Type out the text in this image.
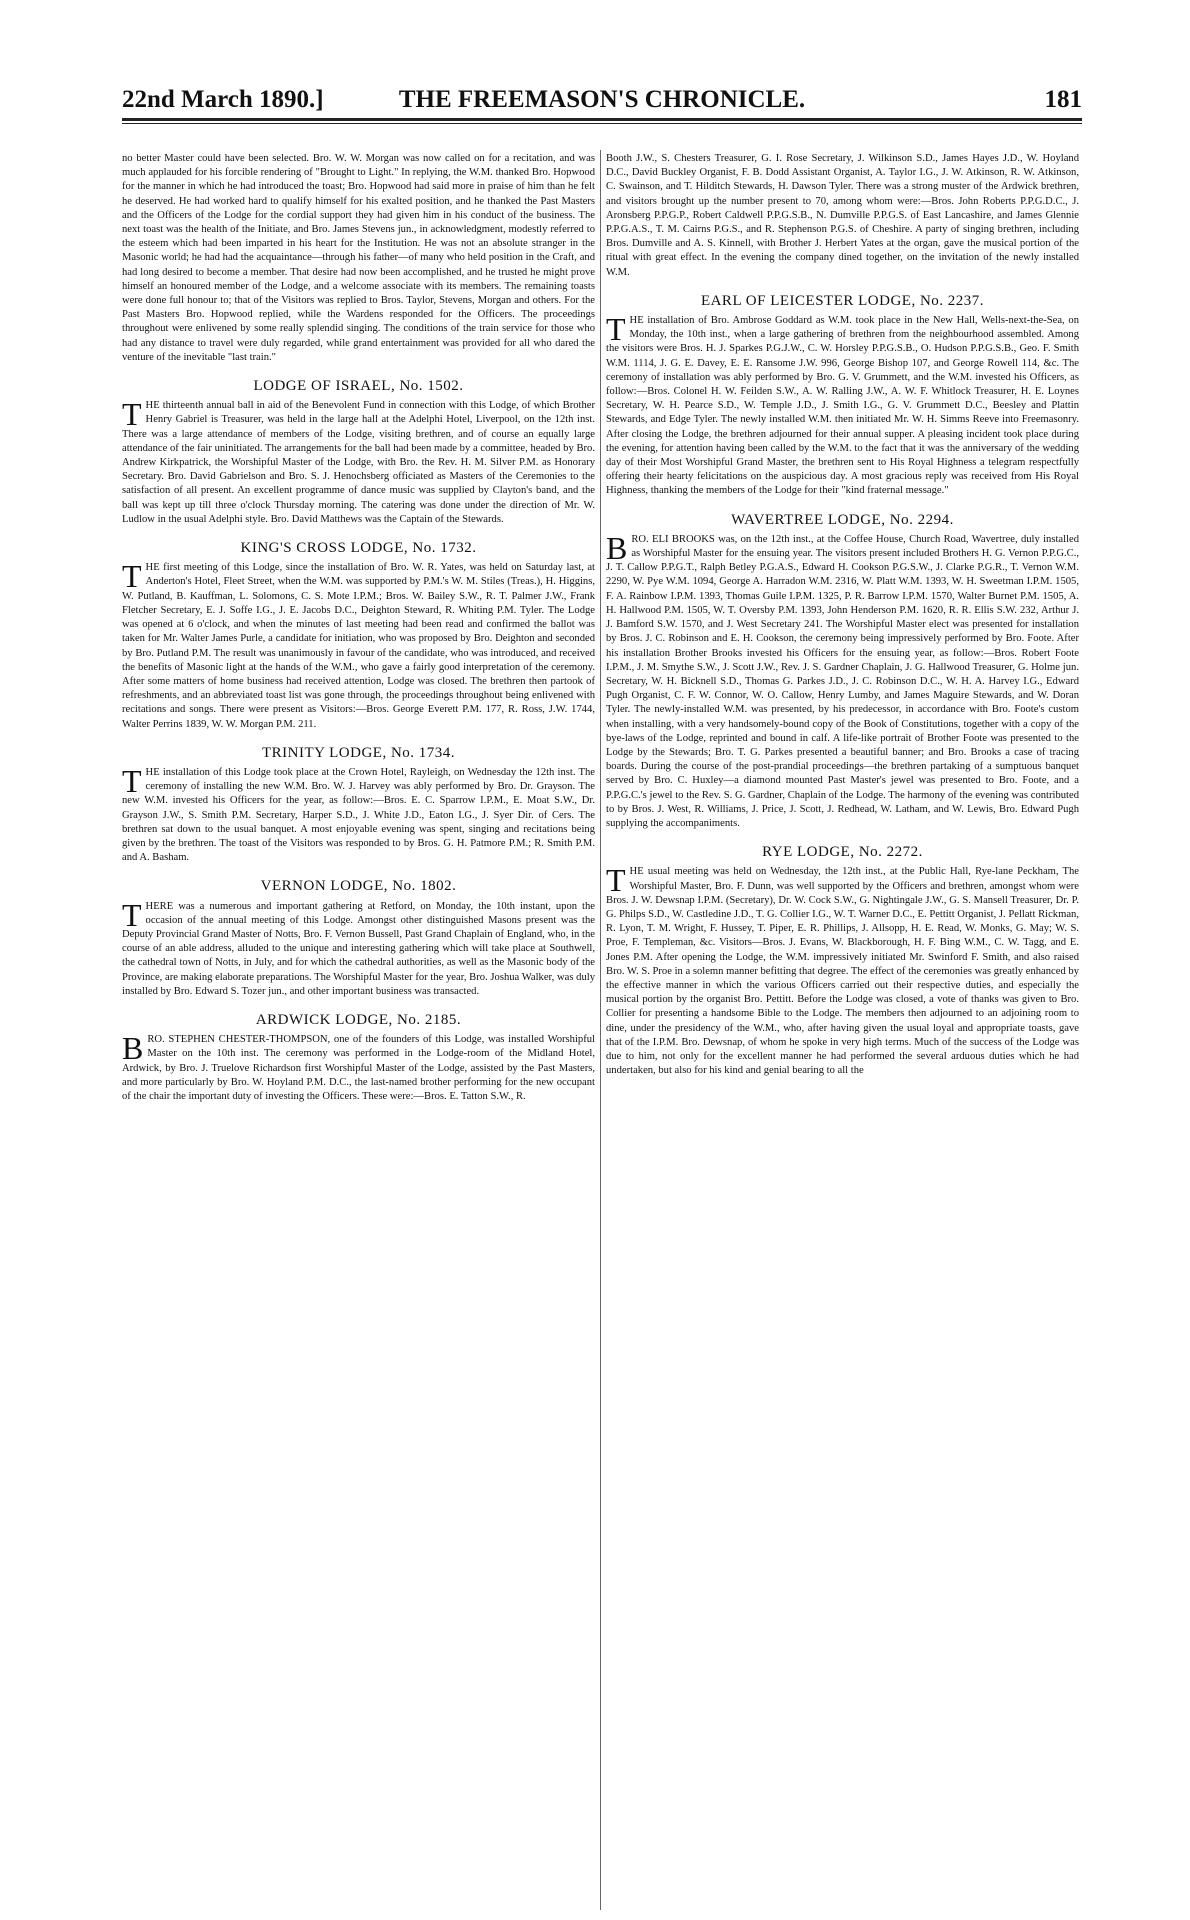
22nd March 1890.]	THE FREEMASON'S CHRONICLE.	181

no better Master could have been selected. Bro. W. W. Morgan was now called on for a recitation, and was much applauded for his forcible rendering of "Brought to Light." In replying, the W.M. thanked Bro. Hopwood for the manner in which he had introduced the toast; Bro. Hopwood had said more in praise of him than he felt he deserved. He had worked hard to qualify himself for his exalted position, and he thanked the Past Masters and the Officers of the Lodge for the cordial support they had given him in his conduct of the business. The next toast was the health of the Initiate, and Bro. James Stevens jun., in acknowledgment, modestly referred to the esteem which had been imparted in his heart for the Institution. He was not an absolute stranger in the Masonic world; he had had the acquaintance—through his father—of many who held position in the Craft, and had long desired to become a member. That desire had now been accomplished, and he trusted he might prove himself an honoured member of the Lodge, and a welcome associate with its members. The remaining toasts were done full honour to; that of the Visitors was replied to Bros. Taylor, Stevens, Morgan and others. For the Past Masters Bro. Hopwood replied, while the Wardens responded for the Officers. The proceedings throughout were enlivened by some really splendid singing. The conditions of the train service for those who had any distance to travel were duly regarded, while grand entertainment was provided for all who dared the venture of the inevitable "last train."

LODGE OF ISRAEL, No. 1502.

THE thirteenth annual ball in aid of the Benevolent Fund in connection with this Lodge, of which Brother Henry Gabriel is Treasurer, was held in the large hall at the Adelphi Hotel, Liverpool, on the 12th inst. There was a large attendance of members of the Lodge, visiting brethren, and of course an equally large attendance of the fair uninitiated. The arrangements for the ball had been made by a committee, headed by Bro. Andrew Kirkpatrick, the Worshipful Master of the Lodge, with Bro. the Rev. H. M. Silver P.M. as Honorary Secretary. Bro. David Gabrielson and Bro. S. J. Henochsberg officiated as Masters of the Ceremonies to the satisfaction of all present. An excellent programme of dance music was supplied by Clayton's band, and the ball was kept up till three o'clock Thursday morning. The catering was done under the direction of Mr. W. Ludlow in the usual Adelphi style. Bro. David Matthews was the Captain of the Stewards.

KING'S CROSS LODGE, No. 1732.

THE first meeting of this Lodge, since the installation of Bro. W. R. Yates, was held on Saturday last, at Anderton's Hotel, Fleet Street, when the W.M. was supported by P.M.'s W. M. Stiles (Treas.), H. Higgins, W. Putland, B. Kauffman, L. Solomons, C. S. Mote I.P.M.; Bros. W. Bailey S.W., R. T. Palmer J.W., Frank Fletcher Secretary, E. J. Soffe I.G., J. E. Jacobs D.C., Deighton Steward, R. Whiting P.M. Tyler. The Lodge was opened at 6 o'clock, and when the minutes of last meeting had been read and confirmed the ballot was taken for Mr. Walter James Purle, a candidate for initiation, who was proposed by Bro. Deighton and seconded by Bro. Putland P.M. The result was unanimously in favour of the candidate, who was introduced, and received the benefits of Masonic light at the hands of the W.M., who gave a fairly good interpretation of the ceremony. After some matters of home business had received attention, Lodge was closed. The brethren then partook of refreshments, and an abbreviated toast list was gone through, the proceedings throughout being enlivened with recitations and songs. There were present as Visitors:—Bros. George Everett P.M. 177, R. Ross, J.W. 1744, Walter Perrins 1839, W. W. Morgan P.M. 211.

TRINITY LODGE, No. 1734.

THE installation of this Lodge took place at the Crown Hotel, Rayleigh, on Wednesday the 12th inst. The ceremony of installing the new W.M. Bro. W. J. Harvey was ably performed by Bro. Dr. Grayson. The new W.M. invested his Officers for the year, as follow:—Bros. E. C. Sparrow I.P.M., E. Moat S.W., Dr. Grayson J.W., S. Smith P.M. Secretary, Harper S.D., J. White J.D., Eaton I.G., J. Syer Dir. of Cers. The brethren sat down to the usual banquet. A most enjoyable evening was spent, singing and recitations being given by the brethren. The toast of the Visitors was responded to by Bros. G. H. Patmore P.M.; R. Smith P.M. and A. Basham.

VERNON LODGE, No. 1802.

THERE was a numerous and important gathering at Retford, on Monday, the 10th instant, upon the occasion of the annual meeting of this Lodge. Amongst other distinguished Masons present was the Deputy Provincial Grand Master of Notts, Bro. F. Vernon Bussell, Past Grand Chaplain of England, who, in the course of an able address, alluded to the unique and interesting gathering which will take place at Southwell, the cathedral town of Notts, in July, and for which the cathedral authorities, as well as the Masonic body of the Province, are making elaborate preparations. The Worshipful Master for the year, Bro. Joshua Walker, was duly installed by Bro. Edward S. Tozer jun., and other important business was transacted.

ARDWICK LODGE, No. 2185.

BRO. STEPHEN CHESTER-THOMPSON, one of the founders of this Lodge, was installed Worshipful Master on the 10th inst. The ceremony was performed in the Lodge-room of the Midland Hotel, Ardwick, by Bro. J. Truelove Richardson first Worshipful Master of the Lodge, assisted by the Past Masters, and more particularly by Bro. W. Hoyland P.M. D.C., the last-named brother performing for the new occupant of the chair the important duty of investing the Officers. These were:—Bros. E. Tatton S.W., R.

Booth J.W., S. Chesters Treasurer, G. I. Rose Secretary, J. Wilkinson S.D., James Hayes J.D., W. Hoyland D.C., David Buckley Organist, F. B. Dodd Assistant Organist, A. Taylor I.G., J. W. Atkinson, R. W. Atkinson, C. Swainson, and T. Hilditch Stewards, H. Dawson Tyler. There was a strong muster of the Ardwick brethren, and visitors brought up the number present to 70, among whom were:—Bros. John Roberts P.P.G.D.C., J. Aronsberg P.P.G.P., Robert Caldwell P.P.G.S.B., N. Dumville P.P.G.S. of East Lancashire, and James Glennie P.P.G.A.S., T. M. Cairns P.G.S., and R. Stephenson P.G.S. of Cheshire. A party of singing brethren, including Bros. Dumville and A. S. Kinnell, with Brother J. Herbert Yates at the organ, gave the musical portion of the ritual with great effect. In the evening the company dined together, on the invitation of the newly installed W.M.

EARL OF LEICESTER LODGE, No. 2237.

THE installation of Bro. Ambrose Goddard as W.M. took place in the New Hall, Wells-next-the-Sea, on Monday, the 10th inst., when a large gathering of brethren from the neighbourhood assembled. Among the visitors were Bros. H. J. Sparkes P.G.J.W., C. W. Horsley P.P.G.S.B., O. Hudson P.P.G.S.B., Geo. F. Smith W.M. 1114, J. G. E. Davey, E. E. Ransome J.W. 996, George Bishop 107, and George Rowell 114, &c. The ceremony of installation was ably performed by Bro. G. V. Grummett, and the W.M. invested his Officers, as follow:—Bros. Colonel H. W. Feilden S.W., A. W. Ralling J.W., A. W. F. Whitlock Treasurer, H. E. Loynes Secretary, W. H. Pearce S.D., W. Temple J.D., J. Smith I.G., G. V. Grummett D.C., Beesley and Plattin Stewards, and Edge Tyler. The newly installed W.M. then initiated Mr. W. H. Simms Reeve into Freemasonry. After closing the Lodge, the brethren adjourned for their annual supper. A pleasing incident took place during the evening, for attention having been called by the W.M. to the fact that it was the anniversary of the wedding day of their Most Worshipful Grand Master, the brethren sent to His Royal Highness a telegram respectfully offering their hearty felicitations on the auspicious day. A most gracious reply was received from His Royal Highness, thanking the members of the Lodge for their "kind fraternal message."

WAVERTREE LODGE, No. 2294.

BRO. ELI BROOKS was, on the 12th inst., at the Coffee House, Church Road, Wavertree, duly installed as Worshipful Master for the ensuing year. The visitors present included Brothers H. G. Vernon P.P.G.C., J. T. Callow P.P.G.T., Ralph Betley P.G.A.S., Edward H. Cookson P.G.S.W., J. Clarke P.G.R., T. Vernon W.M. 2290, W. Pye W.M. 1094, George A. Harradon W.M. 2316, W. Platt W.M. 1393, W. H. Sweetman I.P.M. 1505, F. A. Rainbow I.P.M. 1393, Thomas Guile I.P.M. 1325, P. R. Barrow I.P.M. 1570, Walter Burnet P.M. 1505, A. H. Hallwood P.M. 1505, W. T. Oversby P.M. 1393, John Henderson P.M. 1620, R. R. Ellis S.W. 232, Arthur J. J. Bamford S.W. 1570, and J. West Secretary 241. The Worshipful Master elect was presented for installation by Bros. J. C. Robinson and E. H. Cookson, the ceremony being impressively performed by Bro. Foote. After his installation Brother Brooks invested his Officers for the ensuing year, as follow:—Bros. Robert Foote I.P.M., J. M. Smythe S.W., J. Scott J.W., Rev. J. S. Gardner Chaplain, J. G. Hallwood Treasurer, G. Holme jun. Secretary, W. H. Bicknell S.D., Thomas G. Parkes J.D., J. C. Robinson D.C., W. H. A. Harvey I.G., Edward Pugh Organist, C. F. W. Connor, W. O. Callow, Henry Lumby, and James Maguire Stewards, and W. Doran Tyler. The newly-installed W.M. was presented, by his predecessor, in accordance with Bro. Foote's custom when installing, with a very handsomely-bound copy of the Book of Constitutions, together with a copy of the bye-laws of the Lodge, reprinted and bound in calf. A life-like portrait of Brother Foote was presented to the Lodge by the Stewards; Bro. T. G. Parkes presented a beautiful banner; and Bro. Brooks a case of tracing boards. During the course of the post-prandial proceedings—the brethren partaking of a sumptuous banquet served by Bro. C. Huxley—a diamond mounted Past Master's jewel was presented to Bro. Foote, and a P.P.G.C.'s jewel to the Rev. S. G. Gardner, Chaplain of the Lodge. The harmony of the evening was contributed to by Bros. J. West, R. Williams, J. Price, J. Scott, J. Redhead, W. Latham, and W. Lewis, Bro. Edward Pugh supplying the accompaniments.

RYE LODGE, No. 2272.

THE usual meeting was held on Wednesday, the 12th inst., at the Public Hall, Rye-lane Peckham, The Worshipful Master, Bro. F. Dunn, was well supported by the Officers and brethren, amongst whom were Bros. J. W. Dewsnap I.P.M. (Secretary), Dr. W. Cock S.W., G. Nightingale J.W., G. S. Mansell Treasurer, Dr. P. G. Philps S.D., W. Castledine J.D., T. G. Collier I.G., W. T. Warner D.C., E. Pettitt Organist, J. Pellatt Rickman, R. Lyon, T. M. Wright, F. Hussey, T. Piper, E. R. Phillips, J. Allsopp, H. E. Read, W. Monks, G. May; W. S. Proe, F. Templeman, &c. Visitors—Bros. J. Evans, W. Blackborough, H. F. Bing W.M., C. W. Tagg, and E. Jones P.M. After opening the Lodge, the W.M. impressively initiated Mr. Swinford F. Smith, and also raised Bro. W. S. Proe in a solemn manner befitting that degree. The effect of the ceremonies was greatly enhanced by the effective manner in which the various Officers carried out their respective duties, and especially the musical portion by the organist Bro. Pettitt. Before the Lodge was closed, a vote of thanks was given to Bro. Collier for presenting a handsome Bible to the Lodge. The members then adjourned to an adjoining room to dine, under the presidency of the W.M., who, after having given the usual loyal and appropriate toasts, gave that of the I.P.M. Bro. Dewsnap, of whom he spoke in very high terms. Much of the success of the Lodge was due to him, not only for the excellent manner he had performed the several arduous duties which he had undertaken, but also for his kind and genial bearing to all the
